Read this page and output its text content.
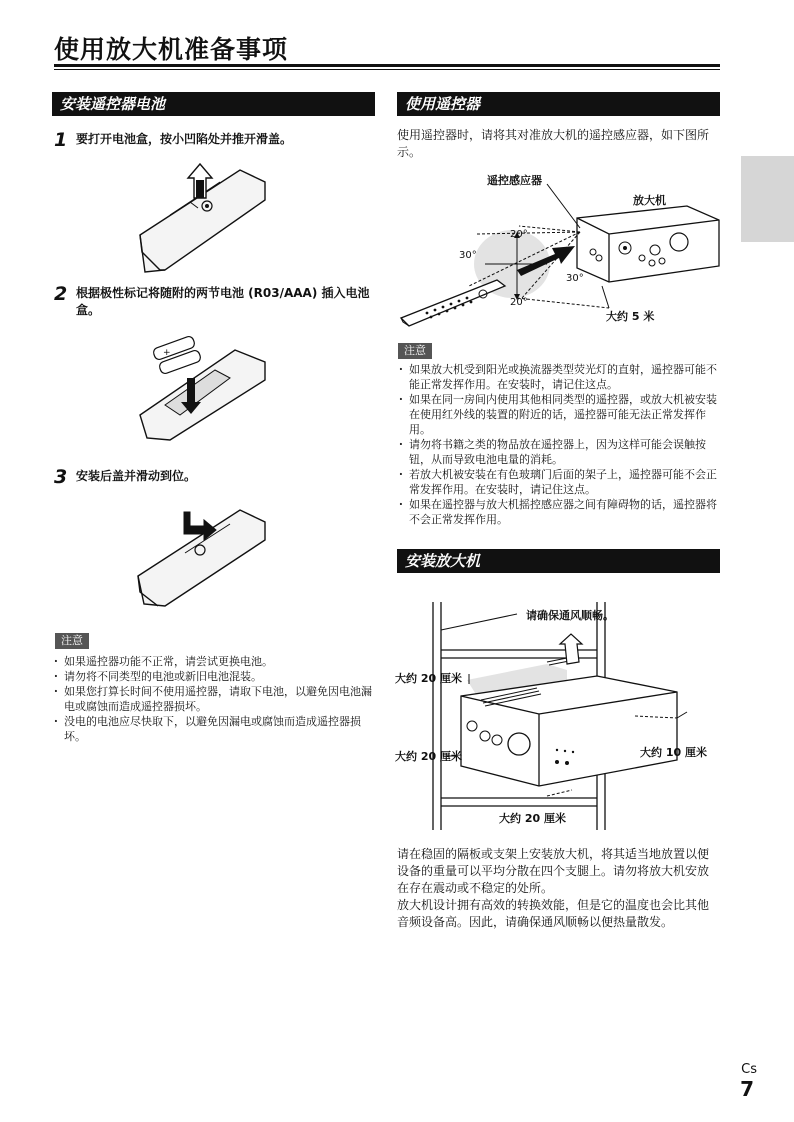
使用放大机准备事项
安装遥控器电池
1 要打开电池盒，按小凹陷处并推开滑盖。
2 根据极性标记将随附的两节电池 (R03/AAA) 插入电池盒。
+
3 安装后盖并滑动到位。
注意
· 如果遥控器功能不正常，请尝试更换电池。
· 请勿将不同类型的电池或新旧电池混装。
· 如果您打算长时间不使用遥控器，请取下电池，以避免因电池漏电或腐蚀而造成遥控器损坏。
· 没电的电池应尽快取下，以避免因漏电或腐蚀而造成遥控器损坏。
使用遥控器
使用遥控器时，请将其对准放大机的遥控感应器，如下图所示。
遥控感应器
放大机
20°
30°
30°
20°
大约 5 米
注意
· 如果放大机受到阳光或换流器类型荧光灯的直射，遥控器可能不能正常发挥作用。在安装时，请记住这点。
· 如果在同一房间内使用其他相同类型的遥控器，或放大机被安装在使用红外线的装置的附近的话，遥控器可能无法正常发挥作用。
· 请勿将书籍之类的物品放在遥控器上，因为这样可能会误触按钮，从而导致电池电量的消耗。
· 若放大机被安装在有色玻璃门后面的架子上，遥控器可能不会正常发挥作用。在安装时，请记住这点。
· 如果在遥控器与放大机摇控感应器之间有障碍物的话，遥控器将不会正常发挥作用。
安装放大机
请确保通风顺畅。
大约 20 厘米
大约 20 厘米	大约 10 厘米
大约 20 厘米
请在稳固的隔板或支架上安装放大机，将其适当地放置以便设备的重量可以平均分散在四个支腿上。请勿将放大机安放在存在震动或不稳定的处所。
放大机设计拥有高效的转换效能，但是它的温度也会比其他音频设备高。因此，请确保通风顺畅以便热量散发。
Cs
7
